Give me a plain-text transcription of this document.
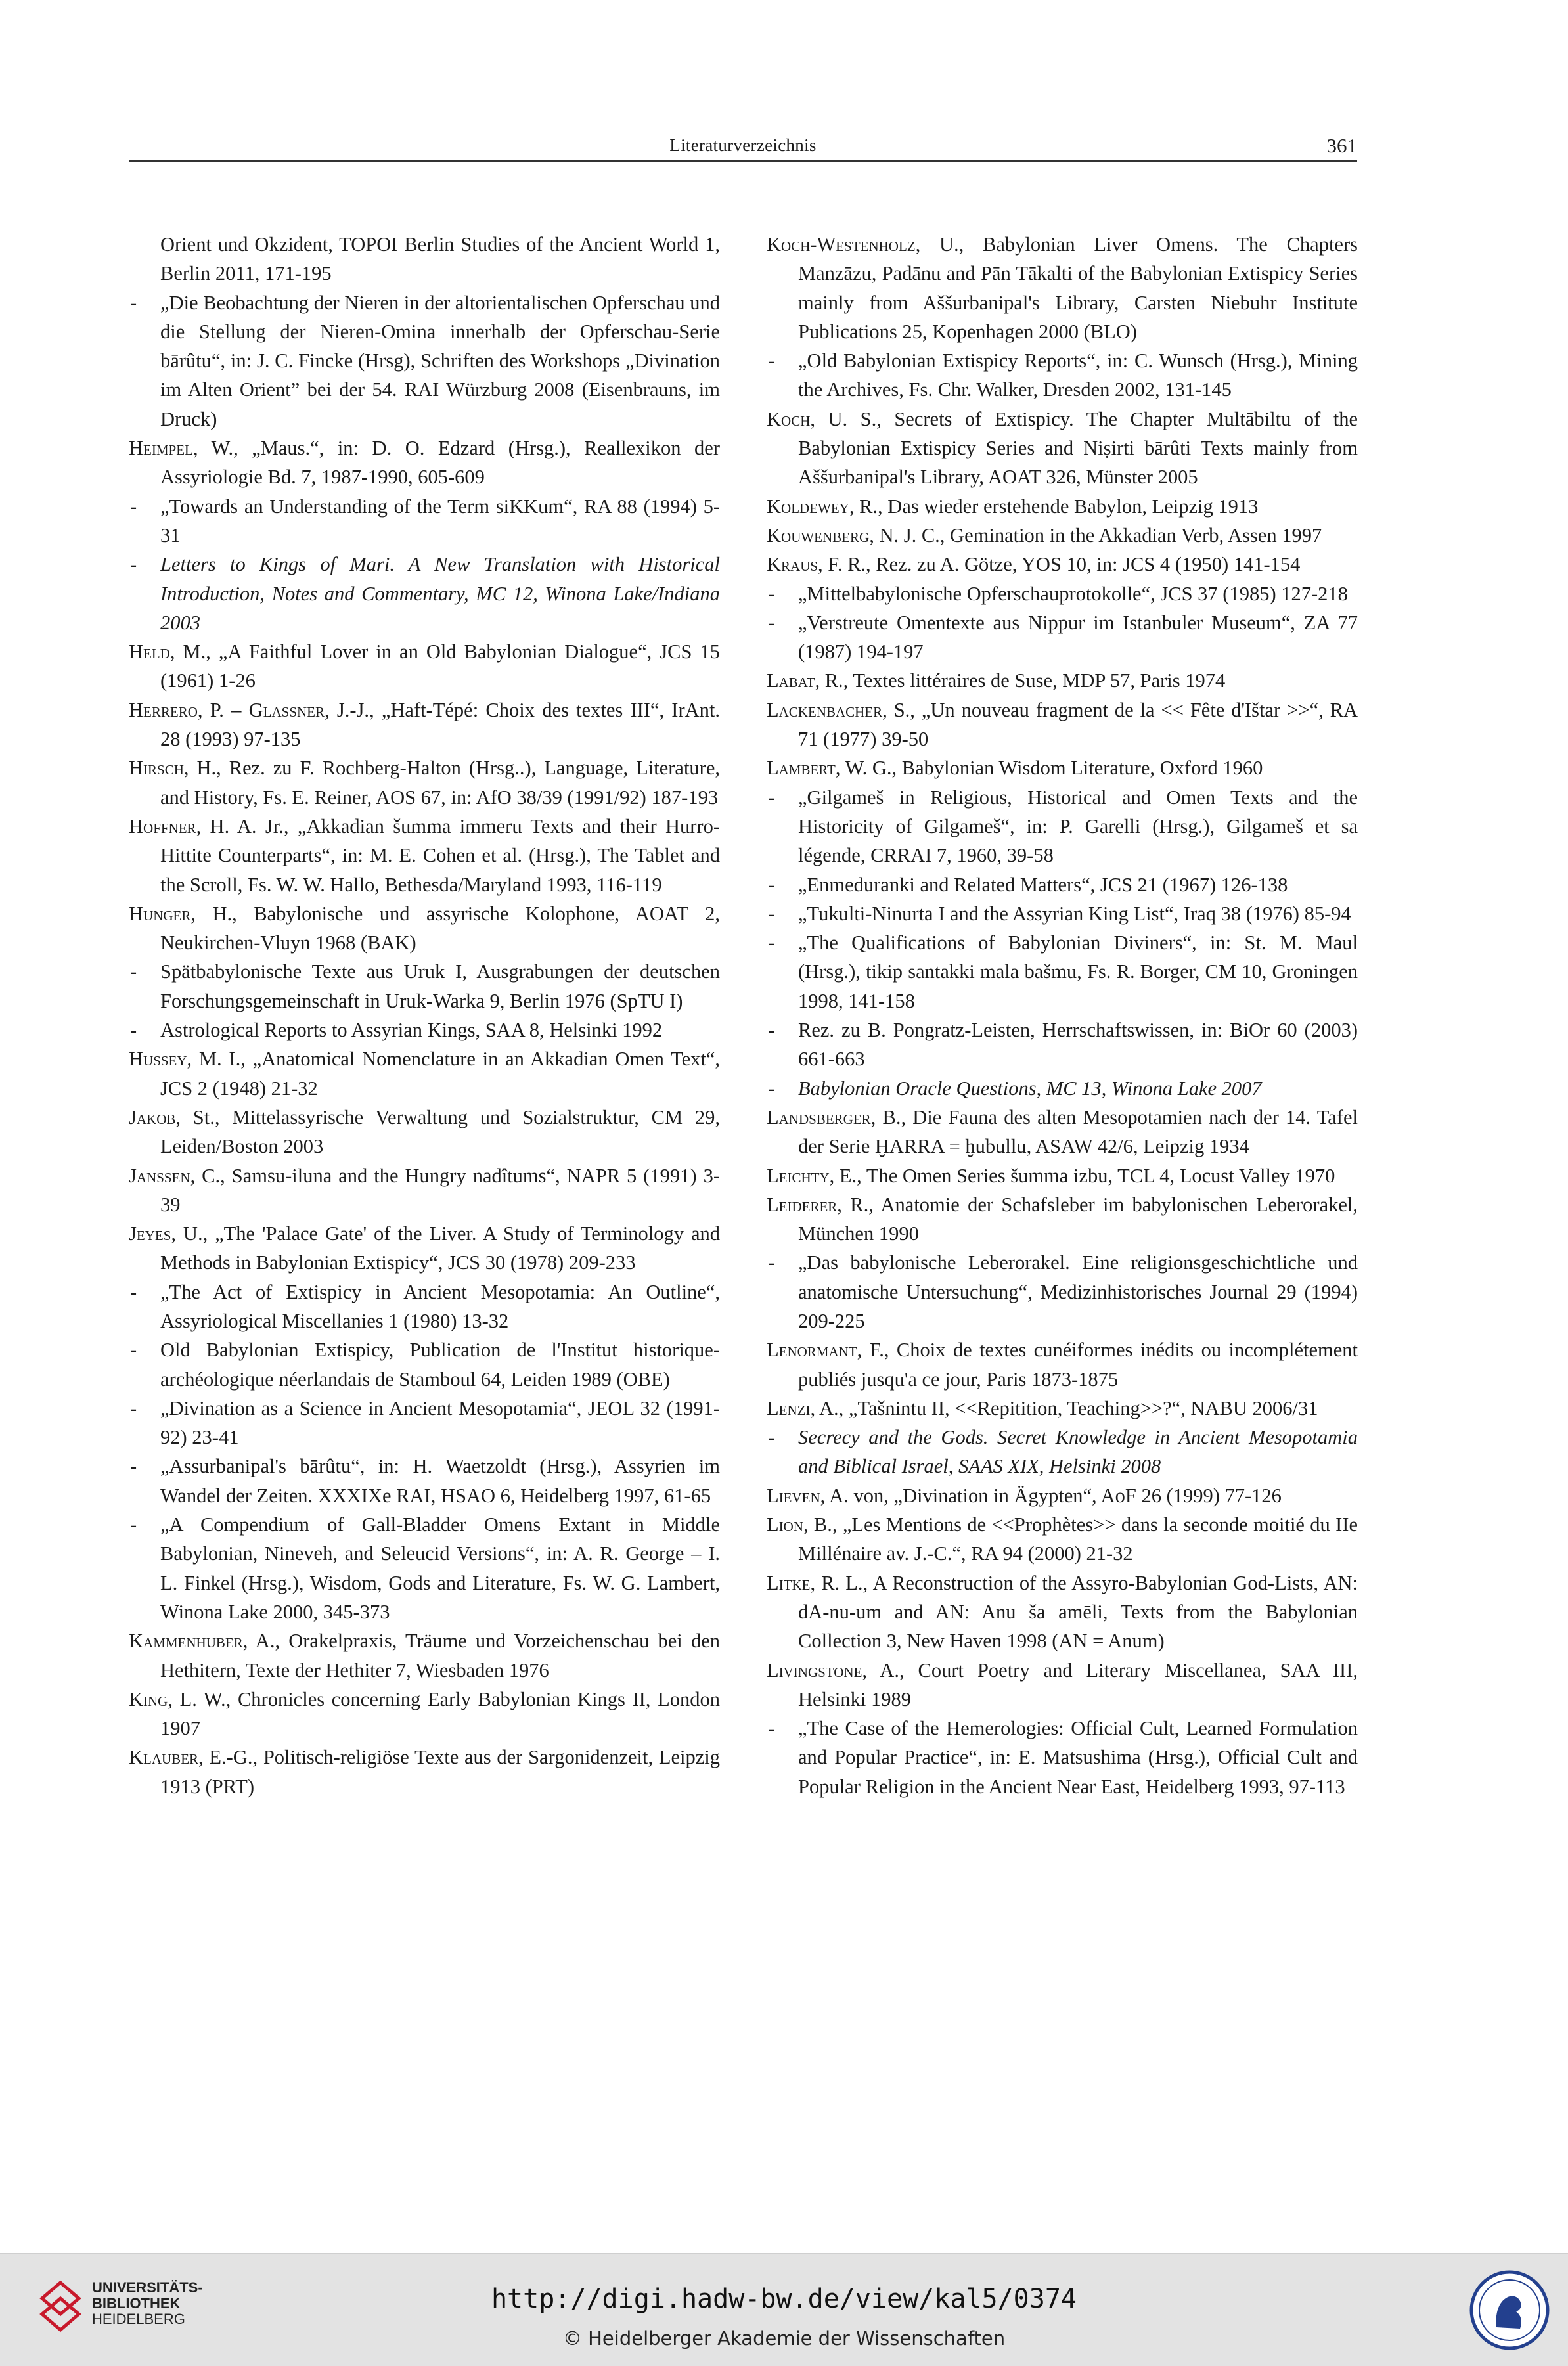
Literaturverzeichnis	361

Orient und Okzident, TOPOI Berlin Studies of the Ancient World 1, Berlin 2011, 171-195

- „Die Beobachtung der Nieren in der altorientalischen Opferschau und die Stellung der Nieren-Omina innerhalb der Opferschau-Serie bārûtu“, in: J. C. Fincke (Hrsg), Schriften des Workshops „Divination im Alten Orient” bei der 54. RAI Würzburg 2008 (Eisenbrauns, im Druck)

Heimpel, W., „Maus.“, in: D. O. Edzard (Hrsg.), Reallexikon der Assyriologie Bd. 7, 1987-1990, 605-609

- „Towards an Understanding of the Term siKKum“, RA 88 (1994) 5-31

- Letters to Kings of Mari. A New Translation with Historical Introduction, Notes and Commentary, MC 12, Winona Lake/Indiana 2003

Held, M., „A Faithful Lover in an Old Babylonian Dialogue“, JCS 15 (1961) 1-26

Herrero, P. – Glassner, J.-J., „Haft-Tépé: Choix des textes III“, IrAnt. 28 (1993) 97-135

Hirsch, H., Rez. zu F. Rochberg-Halton (Hrsg..), Language, Literature, and History, Fs. E. Reiner, AOS 67, in: AfO 38/39 (1991/92) 187-193

Hoffner, H. A. Jr., „Akkadian šumma immeru Texts and their Hurro-Hittite Counterparts“, in: M. E. Cohen et al. (Hrsg.), The Tablet and the Scroll, Fs. W. W. Hallo, Bethesda/Maryland 1993, 116-119

Hunger, H., Babylonische und assyrische Kolophone, AOAT 2, Neukirchen-Vluyn 1968 (BAK)

- Spätbabylonische Texte aus Uruk I, Ausgrabungen der deutschen Forschungsgemeinschaft in Uruk-Warka 9, Berlin 1976 (SpTU I)

- Astrological Reports to Assyrian Kings, SAA 8, Helsinki 1992

Hussey, M. I., „Anatomical Nomenclature in an Akkadian Omen Text“, JCS 2 (1948) 21-32

Jakob, St., Mittelassyrische Verwaltung und Sozialstruktur, CM 29, Leiden/Boston 2003

Janssen, C., Samsu-iluna and the Hungry nadîtums“, NAPR 5 (1991) 3-39

Jeyes, U., „The 'Palace Gate' of the Liver. A Study of Terminology and Methods in Babylonian Extispicy“, JCS 30 (1978) 209-233

- „The Act of Extispicy in Ancient Mesopotamia: An Outline“, Assyriological Miscellanies 1 (1980) 13-32

- Old Babylonian Extispicy, Publication de l'Institut historique-archéologique néerlandais de Stamboul 64, Leiden 1989 (OBE)

- „Divination as a Science in Ancient Mesopotamia“, JEOL 32 (1991-92) 23-41

- „Assurbanipal's bārûtu“, in: H. Waetzoldt (Hrsg.), Assyrien im Wandel der Zeiten. XXXIXe RAI, HSAO 6, Heidelberg 1997, 61-65

- „A Compendium of Gall-Bladder Omens Extant in Middle Babylonian, Nineveh, and Seleucid Versions“, in: A. R. George – I. L. Finkel (Hrsg.), Wisdom, Gods and Literature, Fs. W. G. Lambert, Winona Lake 2000, 345-373

Kammenhuber, A., Orakelpraxis, Träume und Vorzeichenschau bei den Hethitern, Texte der Hethiter 7, Wiesbaden 1976

King, L. W., Chronicles concerning Early Babylonian Kings II, London 1907

Klauber, E.-G., Politisch-religiöse Texte aus der Sargonidenzeit, Leipzig 1913 (PRT)

Koch-Westenholz, U., Babylonian Liver Omens. The Chapters Manzāzu, Padānu and Pān Tākalti of the Babylonian Extispicy Series mainly from Aššurbanipal's Library, Carsten Niebuhr Institute Publications 25, Kopenhagen 2000 (BLO)

- „Old Babylonian Extispicy Reports“, in: C. Wunsch (Hrsg.), Mining the Archives, Fs. Chr. Walker, Dresden 2002, 131-145

Koch, U. S., Secrets of Extispicy. The Chapter Multābiltu of the Babylonian Extispicy Series and Niṣirti bārûti Texts mainly from Aššurbanipal's Library, AOAT 326, Münster 2005

Koldewey, R., Das wieder erstehende Babylon, Leipzig 1913

Kouwenberg, N. J. C., Gemination in the Akkadian Verb, Assen 1997

Kraus, F. R., Rez. zu A. Götze, YOS 10, in: JCS 4 (1950) 141-154

- „Mittelbabylonische Opferschauprotokolle“, JCS 37 (1985) 127-218

- „Verstreute Omentexte aus Nippur im Istanbuler Museum“, ZA 77 (1987) 194-197

Labat, R., Textes littéraires de Suse, MDP 57, Paris 1974

Lackenbacher, S., „Un nouveau fragment de la << Fête d'Ištar >>“, RA 71 (1977) 39-50

Lambert, W. G., Babylonian Wisdom Literature, Oxford 1960

- „Gilgameš in Religious, Historical and Omen Texts and the Historicity of Gilgameš“, in: P. Garelli (Hrsg.), Gilgameš et sa légende, CRRAI 7, 1960, 39-58

- „Enmeduranki and Related Matters“, JCS 21 (1967) 126-138

- „Tukulti-Ninurta I and the Assyrian King List“, Iraq 38 (1976) 85-94

- „The Qualifications of Babylonian Diviners“, in: St. M. Maul (Hrsg.), tikip santakki mala bašmu, Fs. R. Borger, CM 10, Groningen 1998, 141-158

- Rez. zu B. Pongratz-Leisten, Herrschaftswissen, in: BiOr 60 (2003) 661-663

- Babylonian Oracle Questions, MC 13, Winona Lake 2007

Landsberger, B., Die Fauna des alten Mesopotamien nach der 14. Tafel der Serie ḪARRA = ḫubullu, ASAW 42/6, Leipzig 1934

Leichty, E., The Omen Series šumma izbu, TCL 4, Locust Valley 1970

Leiderer, R., Anatomie der Schafsleber im babylonischen Leberorakel, München 1990

- „Das babylonische Leberorakel. Eine religionsgeschichtliche und anatomische Untersuchung“, Medizinhistorisches Journal 29 (1994) 209-225

Lenormant, F., Choix de textes cunéiformes inédits ou incomplétement publiés jusqu'a ce jour, Paris 1873-1875

Lenzi, A., „Tašnintu II, <<Repitition, Teaching>>?“, NABU 2006/31

- Secrecy and the Gods. Secret Knowledge in Ancient Mesopotamia and Biblical Israel, SAAS XIX, Helsinki 2008

Lieven, A. von, „Divination in Ägypten“, AoF 26 (1999) 77-126

Lion, B., „Les Mentions de <<Prophètes>> dans la seconde moitié du IIe Millénaire av. J.-C.“, RA 94 (2000) 21-32

Litke, R. L., A Reconstruction of the Assyro-Babylonian God-Lists, AN: dA-nu-um and AN: Anu ša amēli, Texts from the Babylonian Collection 3, New Haven 1998 (AN = Anum)

Livingstone, A., Court Poetry and Literary Miscellanea, SAA III, Helsinki 1989

- „The Case of the Hemerologies: Official Cult, Learned Formulation and Popular Practice“, in: E. Matsushima (Hrsg.), Official Cult and Popular Religion in the Ancient Near East, Heidelberg 1993, 97-113

UNIVERSITÄTS-
BIBLIOTHEK
HEIDELBERG
http://digi.hadw-bw.de/view/kal5/0374
© Heidelberger Akademie der Wissenschaften
